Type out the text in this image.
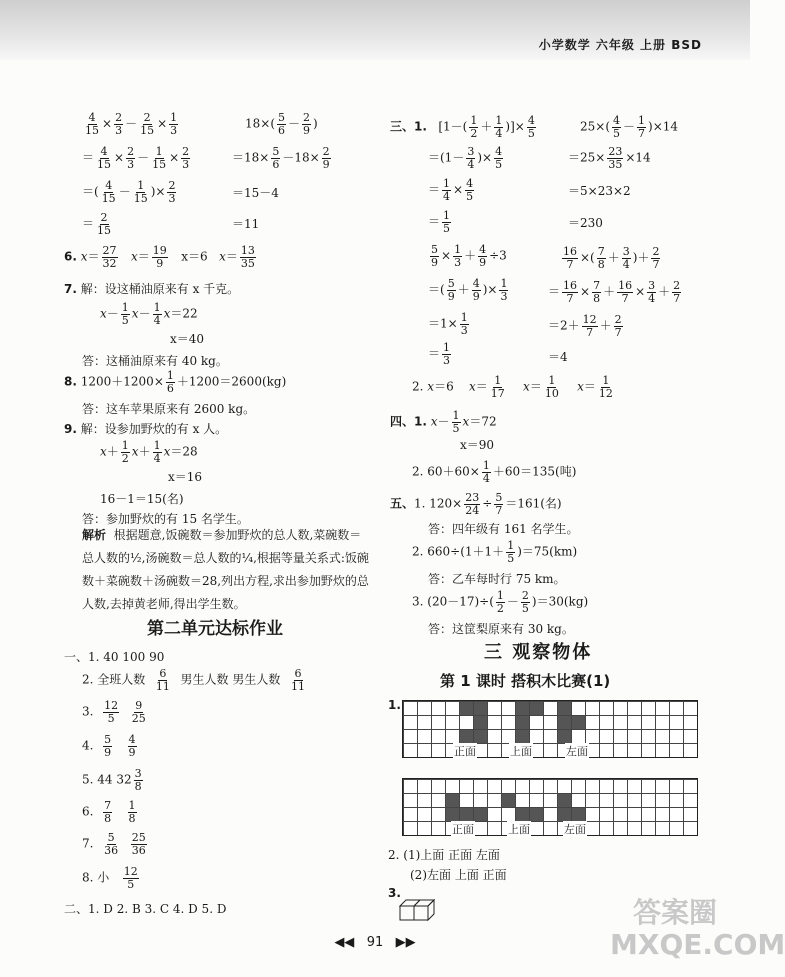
小学数学 六年级 上册 BSD
$\frac{4}{15} \times \frac{2}{3} - \frac{2}{15} \times \frac{1}{3}$
＝ $\frac{4}{15} \times \frac{2}{3} - \frac{1}{15} \times \frac{2}{3}$
＝( $\frac{4}{15} - \frac{1}{15}$ )× $\frac{2}{3}$
＝ $\frac{2}{15}$
$18\times( \frac{5}{6} - \frac{2}{9}$ )
$=18\times \frac{5}{6} -18\times \frac{2}{9}$
＝15－4
＝11
6. $x= \frac{27}{32} x= \frac{19}{9} x=6$ $x= \frac{13}{35}$
7. 解：设这桶油原来有 x 千克。
$x- \frac{1}{5} x- \frac{1}{4} x=22$
x＝40
答：这桶油原来有 40 kg。
8. $1200+1200\times \frac{1}{6} +1200=2600(kg)$
答：这车苹果原来有 2600 kg。
9. 解：设参加野炊的有 x 人。
$x+ \frac{1}{2} x+ \frac{1}{4} x=28$
x＝16
16－1＝15(名)
答：参加野炊的有 15 名学生。
解析 根据题意,饭碗数＝参加野炊的总人数,菜碗数＝总人数的½,汤碗数＝总人数的¼,根据等量关系式:饭碗数＋菜碗数＋汤碗数＝28,列出方程,求出参加野炊的总人数,去掉黄老师,得出学生数。
第二单元达标作业
一、1. 40 100 90
2. 全班人数 $\frac{6}{11}$ 男生人数 男生人数 $\frac{6}{11}$
3. $\frac{12}{5}$
$\frac{9}{25}$
4. $\frac{5}{9}$
$\frac{4}{9}$
5. 44 $32 \frac{3}{8}$
6. $\frac{7}{8}$
$\frac{1}{8}$
7. $\frac{5}{36}$
$\frac{25}{36}$
8. 小 $\frac{12}{5}$
二、1. D 2. B 3. C 4. D 5. D
三、1.   [$1-( \frac{1}{2} + \frac{1}{4}$ )]× $\frac{4}{5}$
$=(1- \frac{3}{4}$ )× $\frac{4}{5}$
＝ $\frac{1}{4} \times \frac{4}{5}$
＝ $\frac{1}{5}$
$25\times( \frac{4}{5} - \frac{1}{7} )\times 14$
$=25\times \frac{23}{35} \times 14$
＝5×23×2
＝230
$\frac{5}{9} \times \frac{1}{3} + \frac{4}{9} \div 3$
＝( $\frac{5}{9} + \frac{4}{9}$ )× $\frac{1}{3}$
$=1\times \frac{1}{3}$
＝ $\frac{1}{3}$
$\frac{16}{7}$ ×( $\frac{7}{8} + \frac{3}{4}$ )＋ $\frac{2}{7}$
＝ $\frac{16}{7} \times \frac{7}{8} + \frac{16}{7} \times \frac{3}{4} + \frac{2}{7}$
$=2+ \frac{12}{7} + \frac{2}{7}$
＝4
2. x＝6    $x= \frac{1}{17} x= \frac{1}{10} x= \frac{1}{12}$
四、1. $x- \frac{1}{5} x=72$
x＝90
2. $60+60\times \frac{1}{4} +60=135$(吨)
五、1. $120\times \frac{23}{24} \div \frac{5}{7} =161$(名)
答：四年级有 161 名学生。
2. $660\div(1+1+ \frac{1}{5} )=75(km)$
答：乙车每时行 75 km。
3. $(20-17)\div( \frac{1}{2} - \frac{2}{5} )=30(kg)$
答：这筐梨原来有 30 kg。
三 观察物体
第 1 课时 搭积木比赛(1)
1.
正面	上面	左面
正面	上面	左面
2. (1)上面 正面 左面
(2)左面 上面 正面
3.
◀◀ 91 ▶▶
答案圈
MXQE.COM
